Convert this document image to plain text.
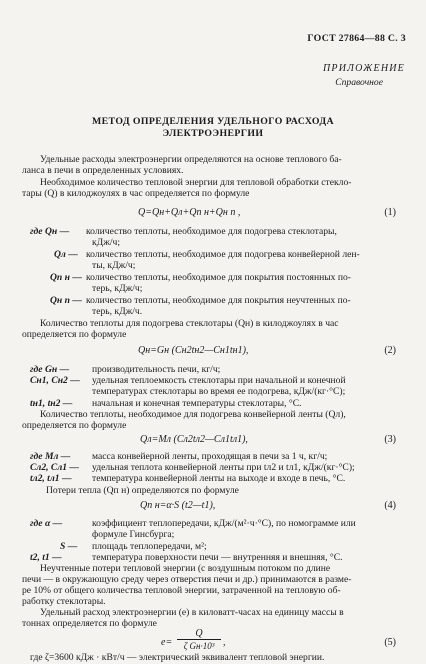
ГОСТ 27864—88 С. 3
ПРИЛОЖЕНИЕ
Справочное
МЕТОД ОПРЕДЕЛЕНИЯ УДЕЛЬНОГО РАСХОДА
ЭЛЕКТРОЭНЕРГИИ
Удельные расходы электроэнергии определяются на основе теплового ба-
ланса в печи в определенных условиях.
Необходимое количество тепловой энергии для тепловой обработки стекло-
тары (Q) в килоджоулях в час определяется по формуле
Q=Qн+Qл+Qп н+Qн п ,	(1)
где Qн — количество теплоты, необходимое для подогрева стеклотары,
кДж/ч;
Qл — количество теплоты, необходимое для подогрева конвейерной лен-
ты, кДж/ч;
Qп н — количество теплоты, необходимое для покрытия постоянных по-
терь, кДж/ч;
Qн п — количество теплоты, необходимое для покрытия неучтенных по-
терь, кДж/ч.
Количество теплоты для подогрева стеклотары (Qн) в килоджоулях в час
определяется по формуле
Qн=Gн (Cн2tн2—Cн1tн1),	(2)
где Gн — производительность печи, кг/ч;
Cн1, Cн2 — удельная теплоемкость стеклотары при начальной и конечной
температурах стеклотары во время ее подогрева, кДж/(кг·°С);
tн1, tн2 — начальная и конечная температуры стеклотары, °С.
Количество теплоты, необходимое для подогрева конвейерной ленты (Qл),
определяется по формуле
Qл=Mл (Cл2tл2—Cл1tл1),	(3)
где Mл — масса конвейерной ленты, проходящая в печи за 1 ч, кг/ч;
Cл2, Cл1 — удельная теплота конвейерной ленты при tл2 и tл1, кДж/(кг·°С);
tл2, tл1 — температура конвейерной ленты на выходе и входе в печь, °С.
Потери тепла (Qп н) определяются по формуле
Qп н=α·S (t2—t1),	(4)
где α —	коэффициент теплопередачи, кДж/(м²·ч·°С), по номограмме или
формуле Гинсбурга;
S — площадь теплопередачи, м²;
t2, t1 —	температура поверхности печи — внутренняя и внешняя, °С.
Неучтенные потери тепловой энергии (с воздушным потоком по длине
печи — в окружающую среду через отверстия печи и др.) принимаются в разме-
ре 10% от общего количества тепловой энергии, затраченной на тепловую об-
работку стеклотары.
Удельный расход электроэнергии (e) в киловатт-часах на единицу массы в
тоннах определяется по формуле
Q
e=	ζ Gн·10³ ,	(5)
где ζ=3600 кДж · кВт/ч — электрический эквивалент тепловой энергии.
